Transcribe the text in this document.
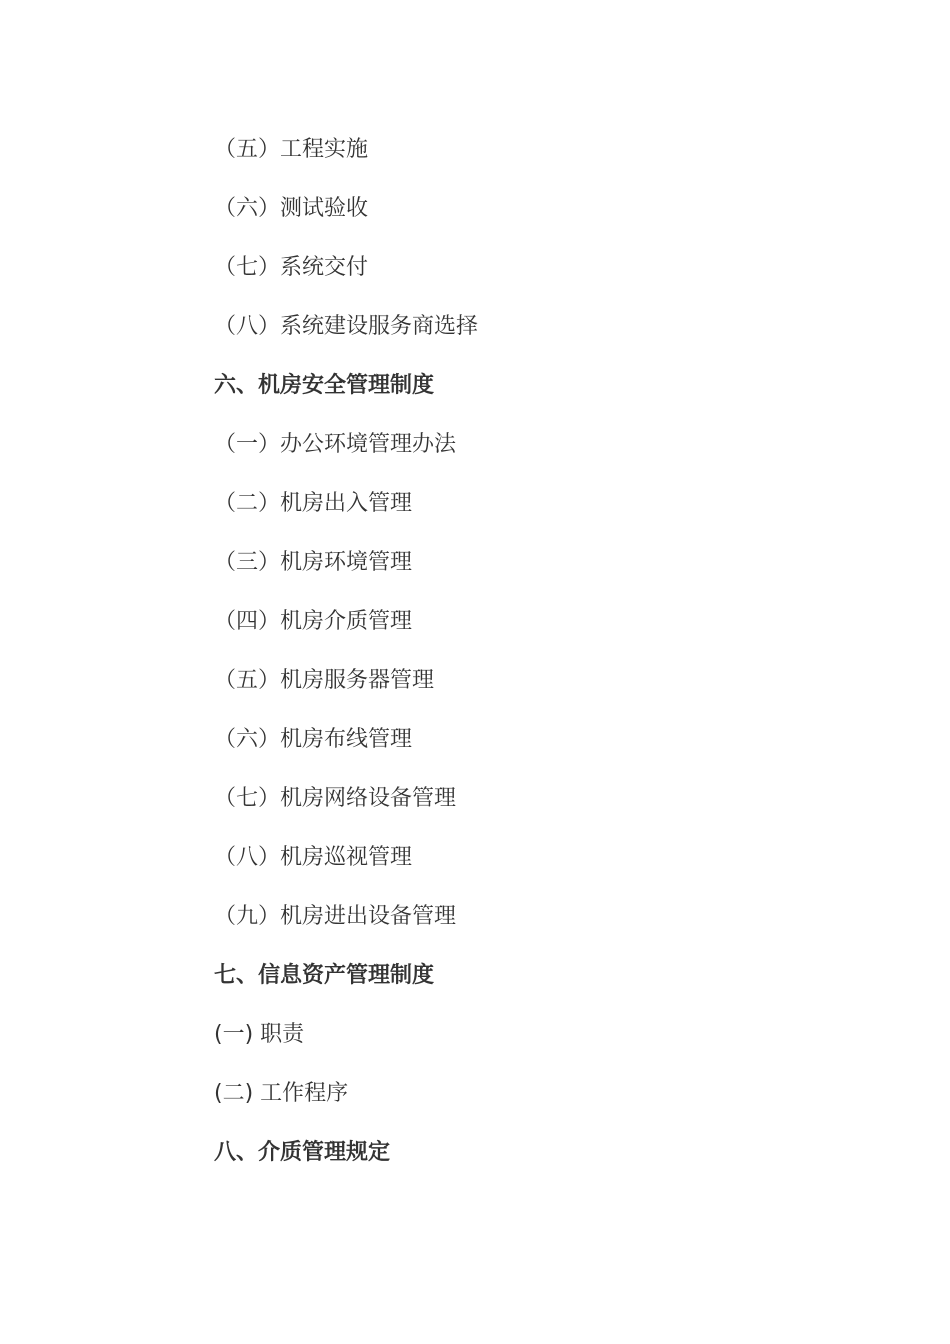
（五）工程实施
（六）测试验收
（七）系统交付
（八）系统建设服务商选择
六、机房安全管理制度
（一）办公环境管理办法
（二）机房出入管理
（三）机房环境管理
（四）机房介质管理
（五）机房服务器管理
（六）机房布线管理
（七）机房网络设备管理
（八）机房巡视管理
（九）机房进出设备管理
七、信息资产管理制度
(一) 职责
(二) 工作程序
八、介质管理规定
